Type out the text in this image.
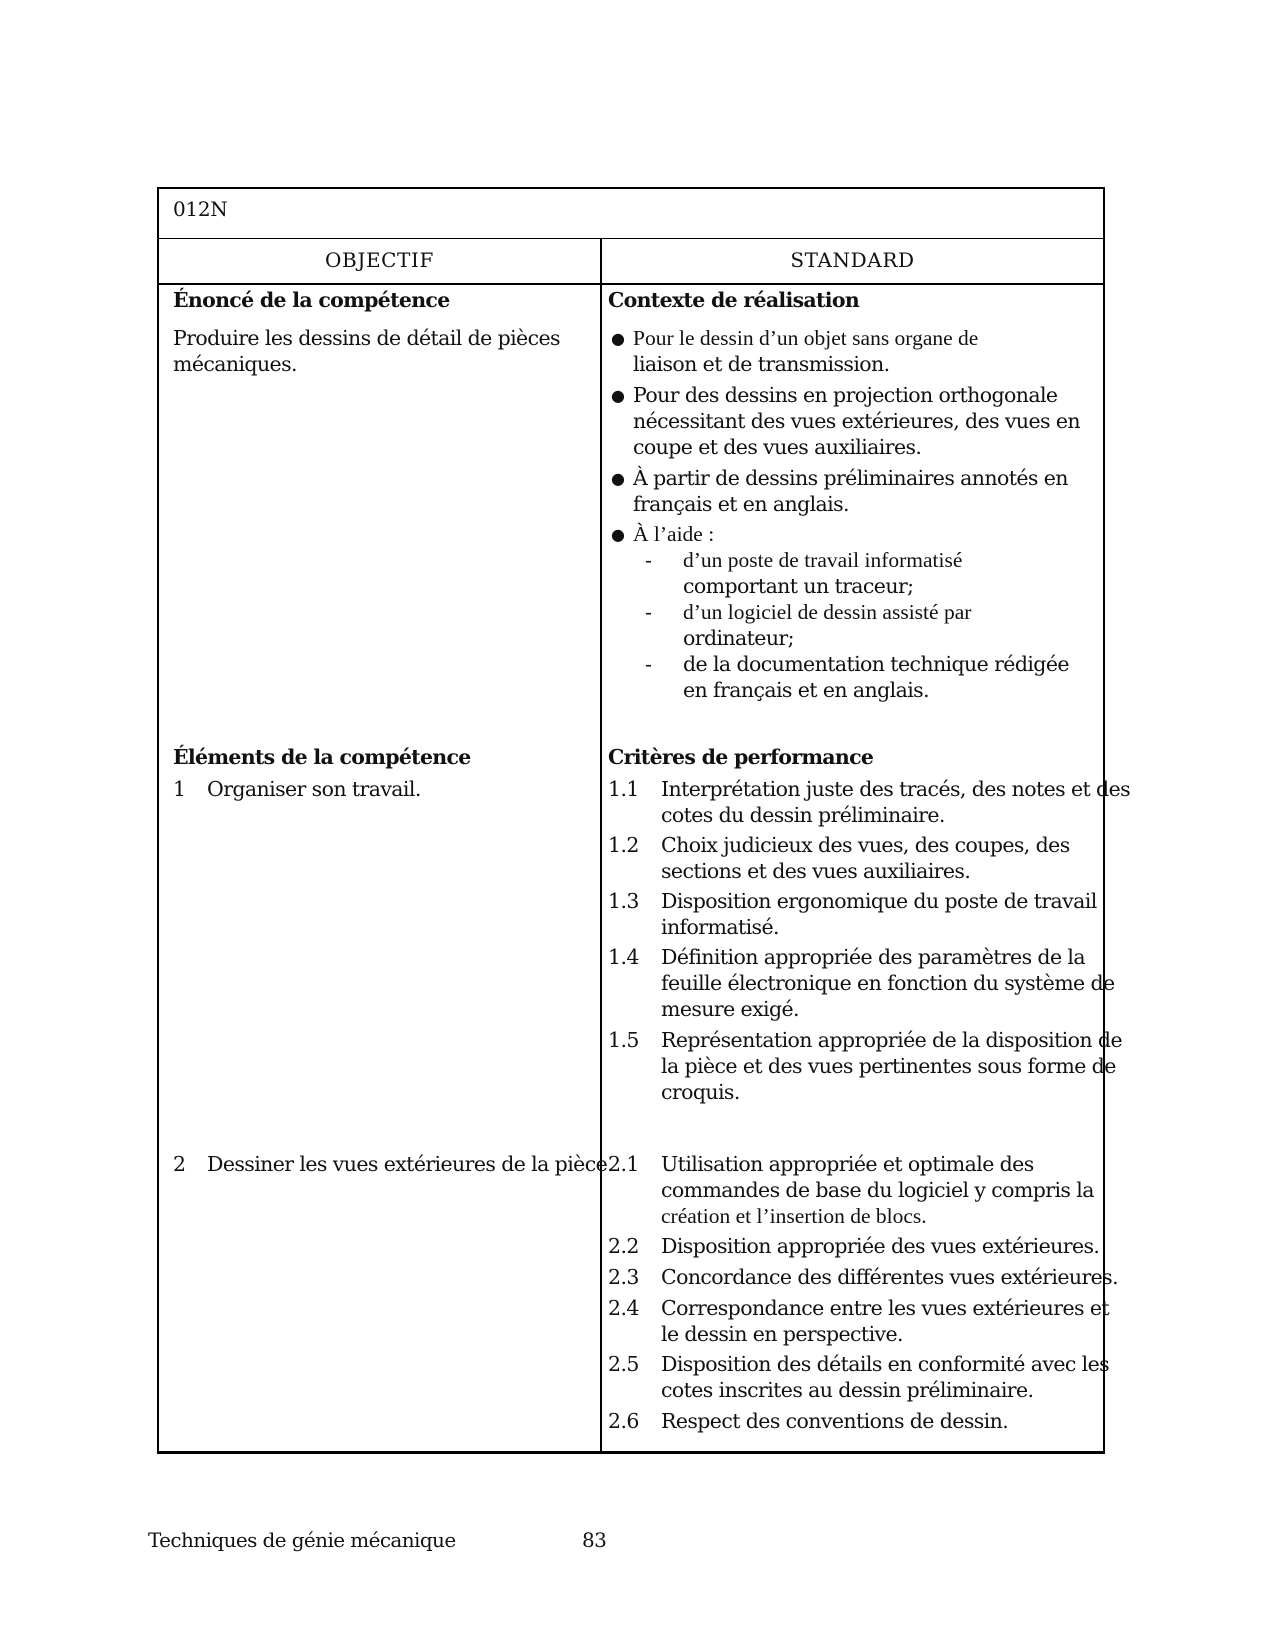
012N
OBJECTIF	STANDARD
Énoncé de la compétence
Produire les dessins de détail de pièces
mécaniques.
Éléments de la compétence
1 Organiser son travail.
2 Dessiner les vues extérieures de la pièce.
Contexte de réalisation
● Pour le dessin d’un objet sans organe de
liaison et de transmission.
● Pour des dessins en projection orthogonale
nécessitant des vues extérieures, des vues en
coupe et des vues auxiliaires.
● À partir de dessins préliminaires annotés en
français et en anglais.
● À l’aide :
- d’un poste de travail informatisé
comportant un traceur;
- d’un logiciel de dessin assisté par
ordinateur;
- de la documentation technique rédigée
en français et en anglais.
Critères de performance
1.1 Interprétation juste des tracés, des notes et des
cotes du dessin préliminaire.
1.2 Choix judicieux des vues, des coupes, des
sections et des vues auxiliaires.
1.3 Disposition ergonomique du poste de travail
informatisé.
1.4 Définition appropriée des paramètres de la
feuille électronique en fonction du système de
mesure exigé.
1.5 Représentation appropriée de la disposition de
la pièce et des vues pertinentes sous forme de
croquis.
2.1 Utilisation appropriée et optimale des
commandes de base du logiciel y compris la
création et l’insertion de blocs.
2.2 Disposition appropriée des vues extérieures.
2.3 Concordance des différentes vues extérieures.
2.4 Correspondance entre les vues extérieures et
le dessin en perspective.
2.5 Disposition des détails en conformité avec les
cotes inscrites au dessin préliminaire.
2.6 Respect des conventions de dessin.
Techniques de génie mécanique	83
